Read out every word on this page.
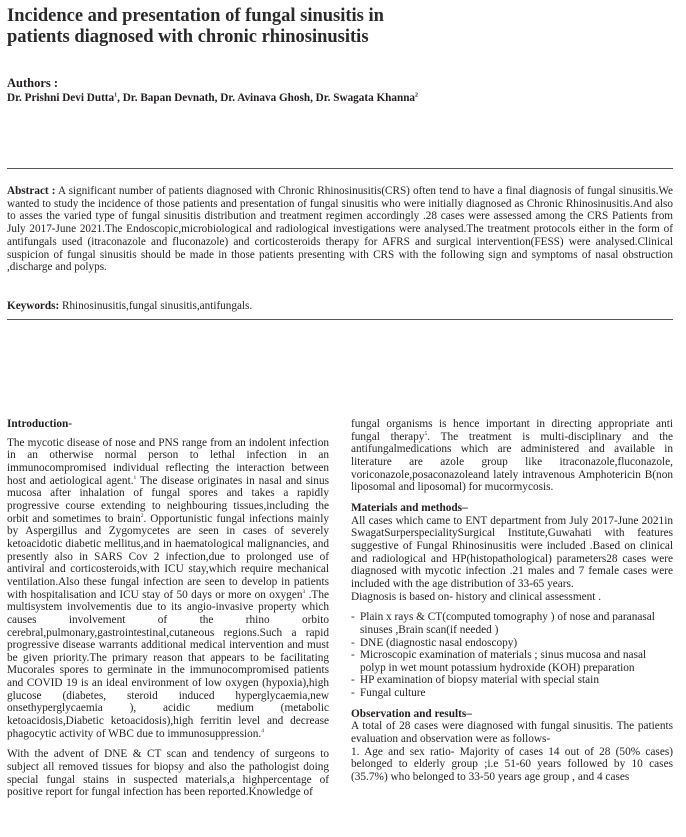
Incidence and presentation of fungal sinusitis in
patients diagnosed with chronic rhinosinusitis
Authors :
Dr. Prishni Devi Dutta$^1$, Dr. Bapan Devnath, Dr. Avinava Ghosh, Dr. Swagata Khanna$^2$

Abstract : A significant number of patients diagnosed with Chronic Rhinosinusitis(CRS) often tend to have a final diagnosis of fungal sinusitis.We wanted to study the incidence of those patients and presentation of fungal sinusitis who were initially diagnosed as Chronic Rhinosinusitis.And also to asses the varied type of fungal sinusitis distribution and treatment regimen accordingly .28 cases were assessed among the CRS Patients from July 2017-June 2021.The Endoscopic,microbiological and radiological investigations were analysed.The treatment protocols either in the form of antifungals used (itraconazole and fluconazole) and corticosteroids therapy for AFRS and surgical intervention(FESS) were analysed.Clinical suspicion of fungal sinusitis should be made in those patients presenting with CRS with the following sign and symptoms of nasal obstruction ,discharge and polyps.

Keywords: Rhinosinusitis,fungal sinusitis,antifungals.

Introduction-

The mycotic disease of nose and PNS range from an indolent infection in an otherwise normal person to lethal infection in an immunocompromised individual reflecting the interaction between host and aetiological agent.$^1$ The disease originates in nasal and sinus mucosa after inhalation of fungal spores and takes a rapidly progressive course extending to neighbouring tissues,including the orbit and sometimes to brain$^2$. Opportunistic fungal infections mainly by Aspergillus and Zygomycetes are seen in cases of severely ketoacidotic diabetic mellitus,and in haematological malignancies, and presently also in SARS Cov 2 infection,due to prolonged use of antiviral and corticosteroids,with ICU stay,which require mechanical ventilation.Also these fungal infection are seen to develop in patients with hospitalisation and ICU stay of 50 days or more on oxygen$^3$ .The multisystem involvementis due to its angio-invasive property which causes involvement of the rhino orbito cerebral,pulmonary,gastrointestinal,cutaneous regions.Such a rapid progressive disease warrants additional medical intervention and must be given priority.The primary reason that appears to be facilitating Mucorales spores to germinate in the immunocompromised patients and COVID 19 is an ideal environment of low oxygen (hypoxia),high glucose (diabetes, steroid induced hyperglycaemia,new onsethyperglycaemia ), acidic medium (metabolic ketoacidosis,Diabetic ketoacidosis),high ferritin level and decrease phagocytic activity of WBC due to immunosuppression.$^4$

With the advent of DNE & CT scan and tendency of surgeons to subject all removed tissues for biopsy and also the pathologist doing special fungal stains in suspected materials,a highpercentage of positive report for fungal infection has been reported.Knowledge of

fungal organisms is hence important in directing appropriate anti fungal therapy$^5$. The treatment is multi-disciplinary and the antifungalmedications which are administered and available in literature are azole group like itraconazole,fluconazole, voriconazole,posaconazoleand lately intravenous Amphotericin B(non liposomal and liposomal) for mucormycosis.

Materials and methods–

All cases which came to ENT department from July 2017-June 2021in SwagatSurperspecialitySurgical Institute,Guwahati with features suggestive of Fungal Rhinosinusitis were included .Based on clinical and radiological and HP(histopathological) parameters28 cases were diagnosed with mycotic infection .21 males and 7 female cases were included with the age distribution of 33-65 years.

Diagnosis is based on- history and clinical assessment .

- Plain x rays & CT(computed tomography ) of nose and paranasal sinuses ,Brain scan(if needed )
- DNE (diagnostic nasal endoscopy)
- Microscopic examination of materials ; sinus mucosa and nasal polyp in wet mount potassium hydroxide (KOH) preparation
- HP examination of biopsy material with special stain
- Fungal culture

Observation and results–

A total of 28 cases were diagnosed with fungal sinusitis. The patients evaluation and observation were as follows-

1. Age and sex ratio- Majority of cases 14 out of 28 (50% cases) belonged to elderly group ;i.e 51-60 years followed by 10 cases (35.7%) who belonged to 33-50 years age group , and 4 cases
